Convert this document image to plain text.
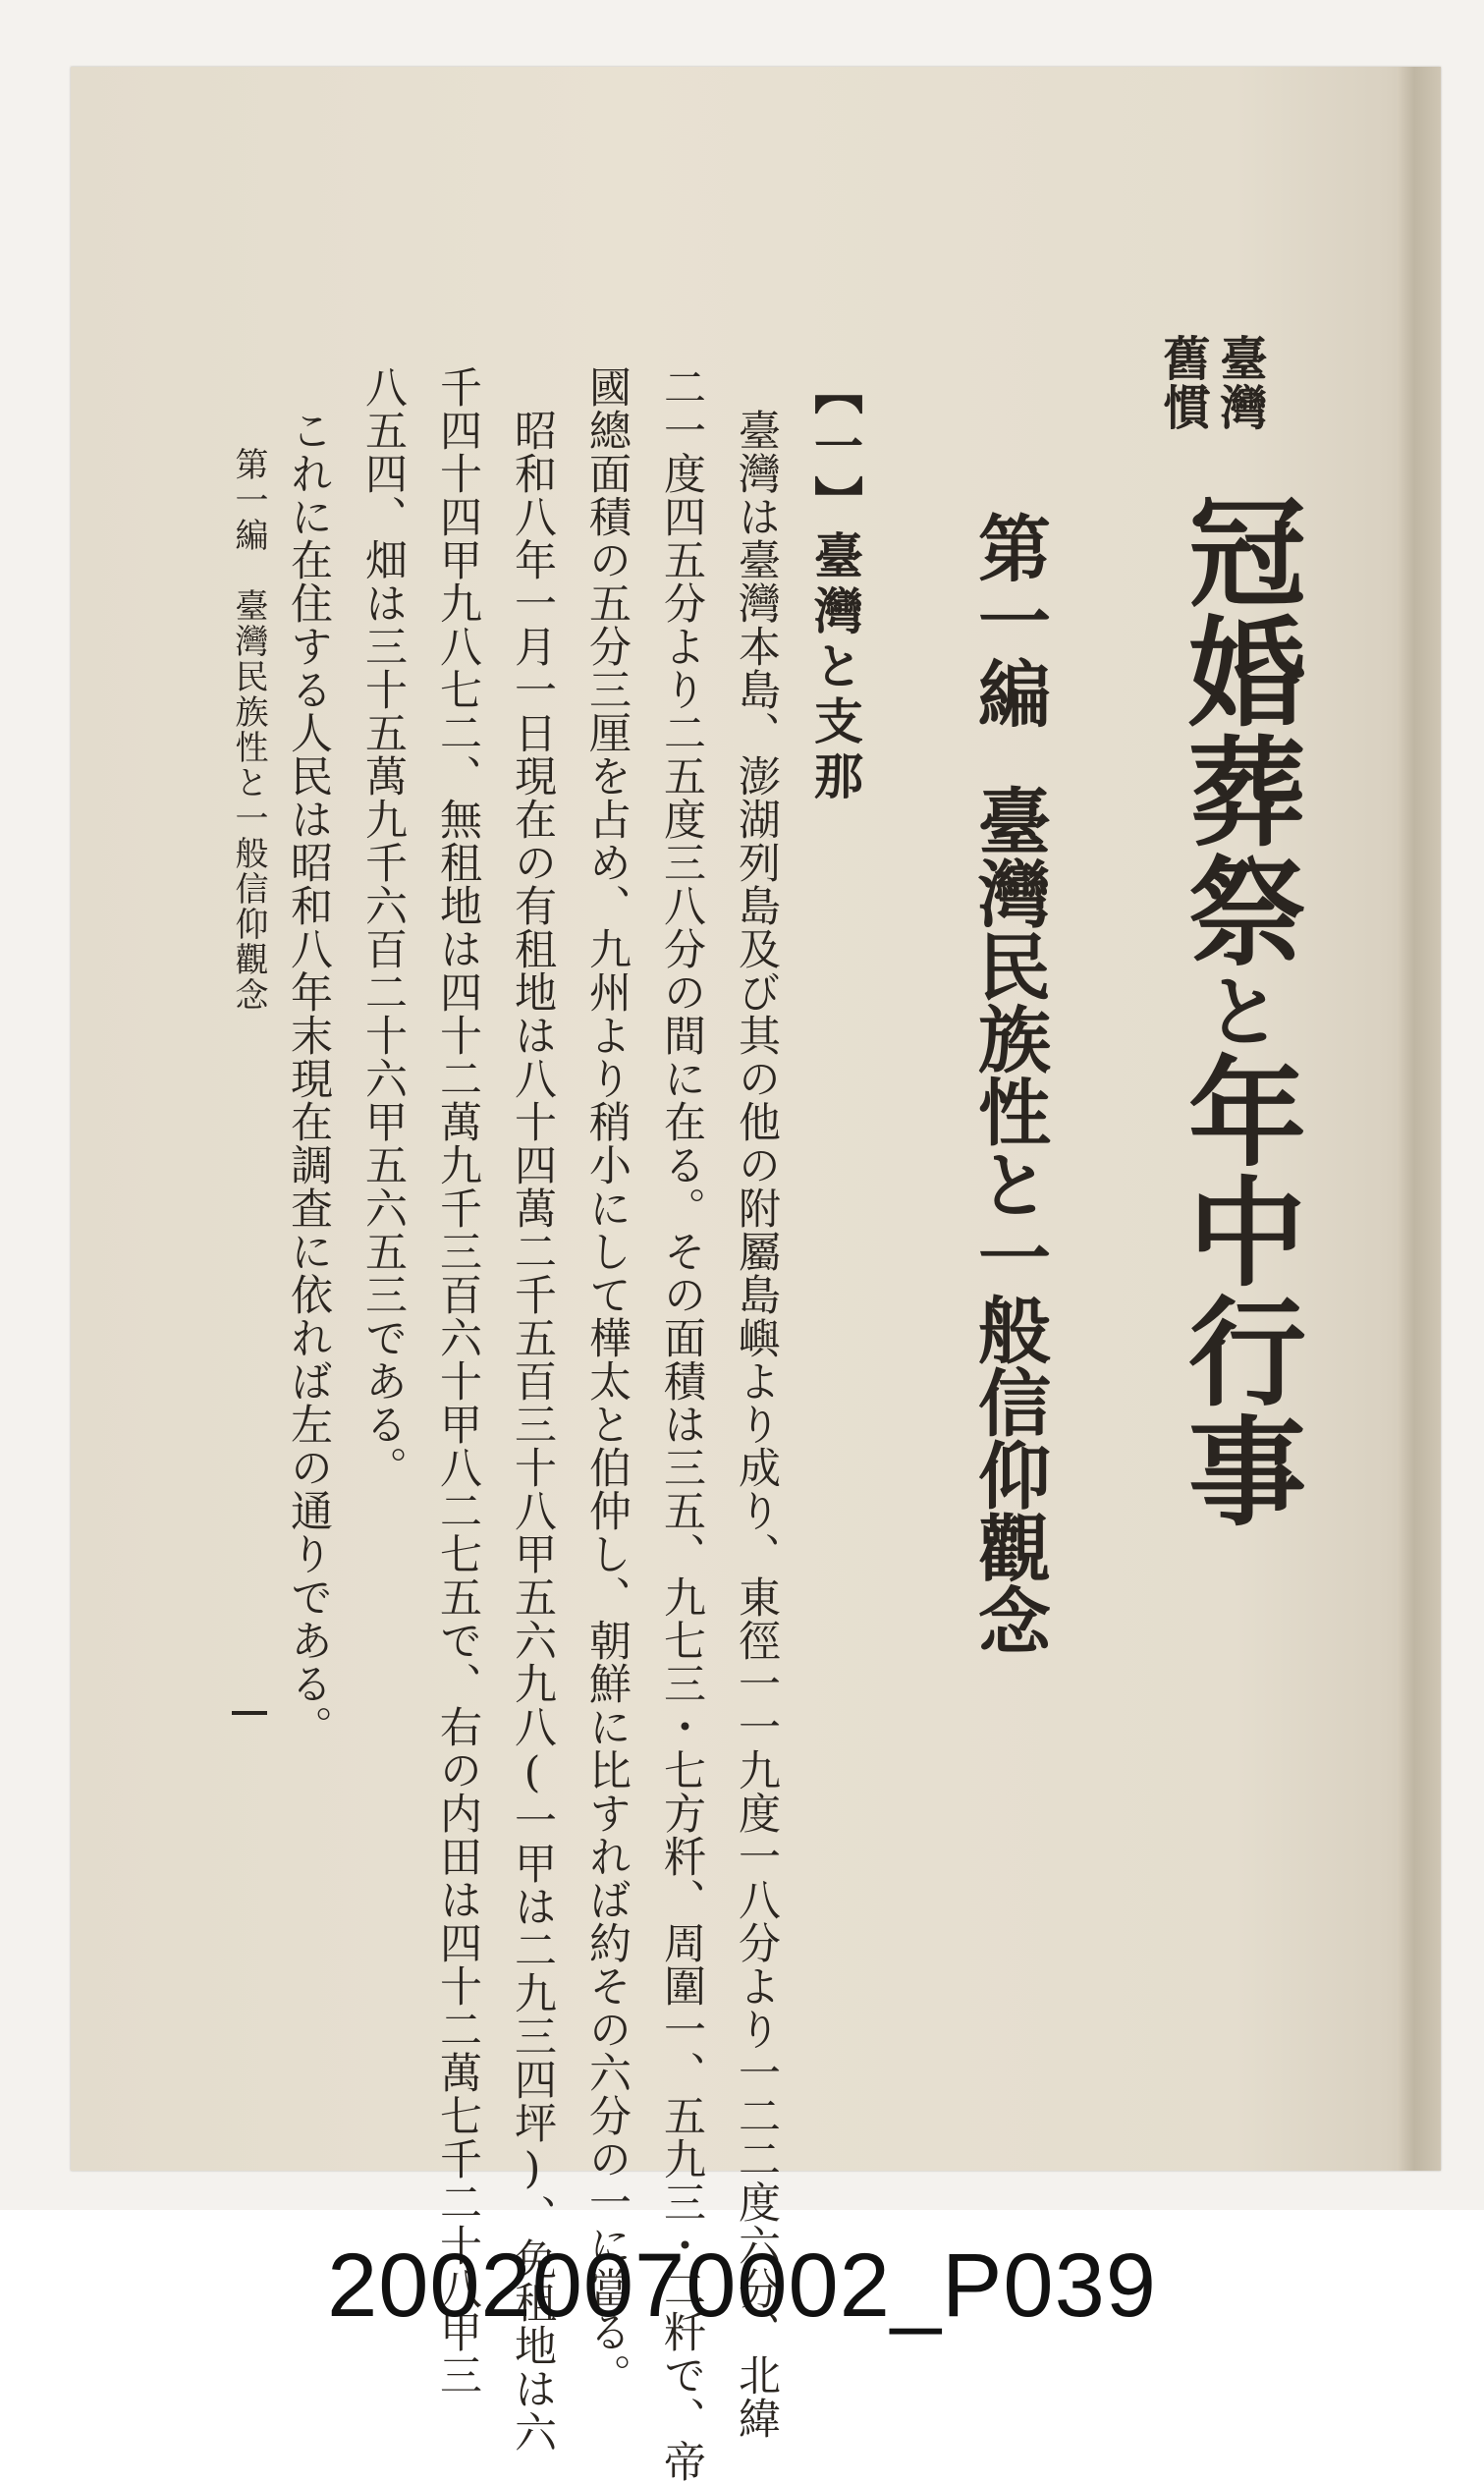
臺灣
舊慣
冠婚葬祭と年中行事
第一編臺灣民族性と一般信仰觀念
【一】臺灣と支那
　臺灣は臺灣本島、澎湖列島及び其の他の附屬島嶼より成り、東徑一一九度一八分より一二二度六分、北緯
二一度四五分より二五度三八分の間に在る。その面積は三五、九七三・七方粁、周圍一、五九三・二粁で、帝
國總面積の五分三厘を占め、九州より稍小にして樺太と伯仲し、朝鮮に比すれば約その六分の一に當る。
　昭和八年一月一日現在の有租地は八十四萬二千五百三十八甲五六九八(一甲は二九三四坪)、免租地は六
千四十四甲九八七二、無租地は四十二萬九千三百六十甲八二七五で、右の内田は四十二萬七千二十八甲三
八五四、畑は三十五萬九千六百二十六甲五六五三である。
　これに在住する人民は昭和八年末現在調査に依れば左の通りである。
第一編　臺灣民族性と一般信仰觀念
20020070002_P039
